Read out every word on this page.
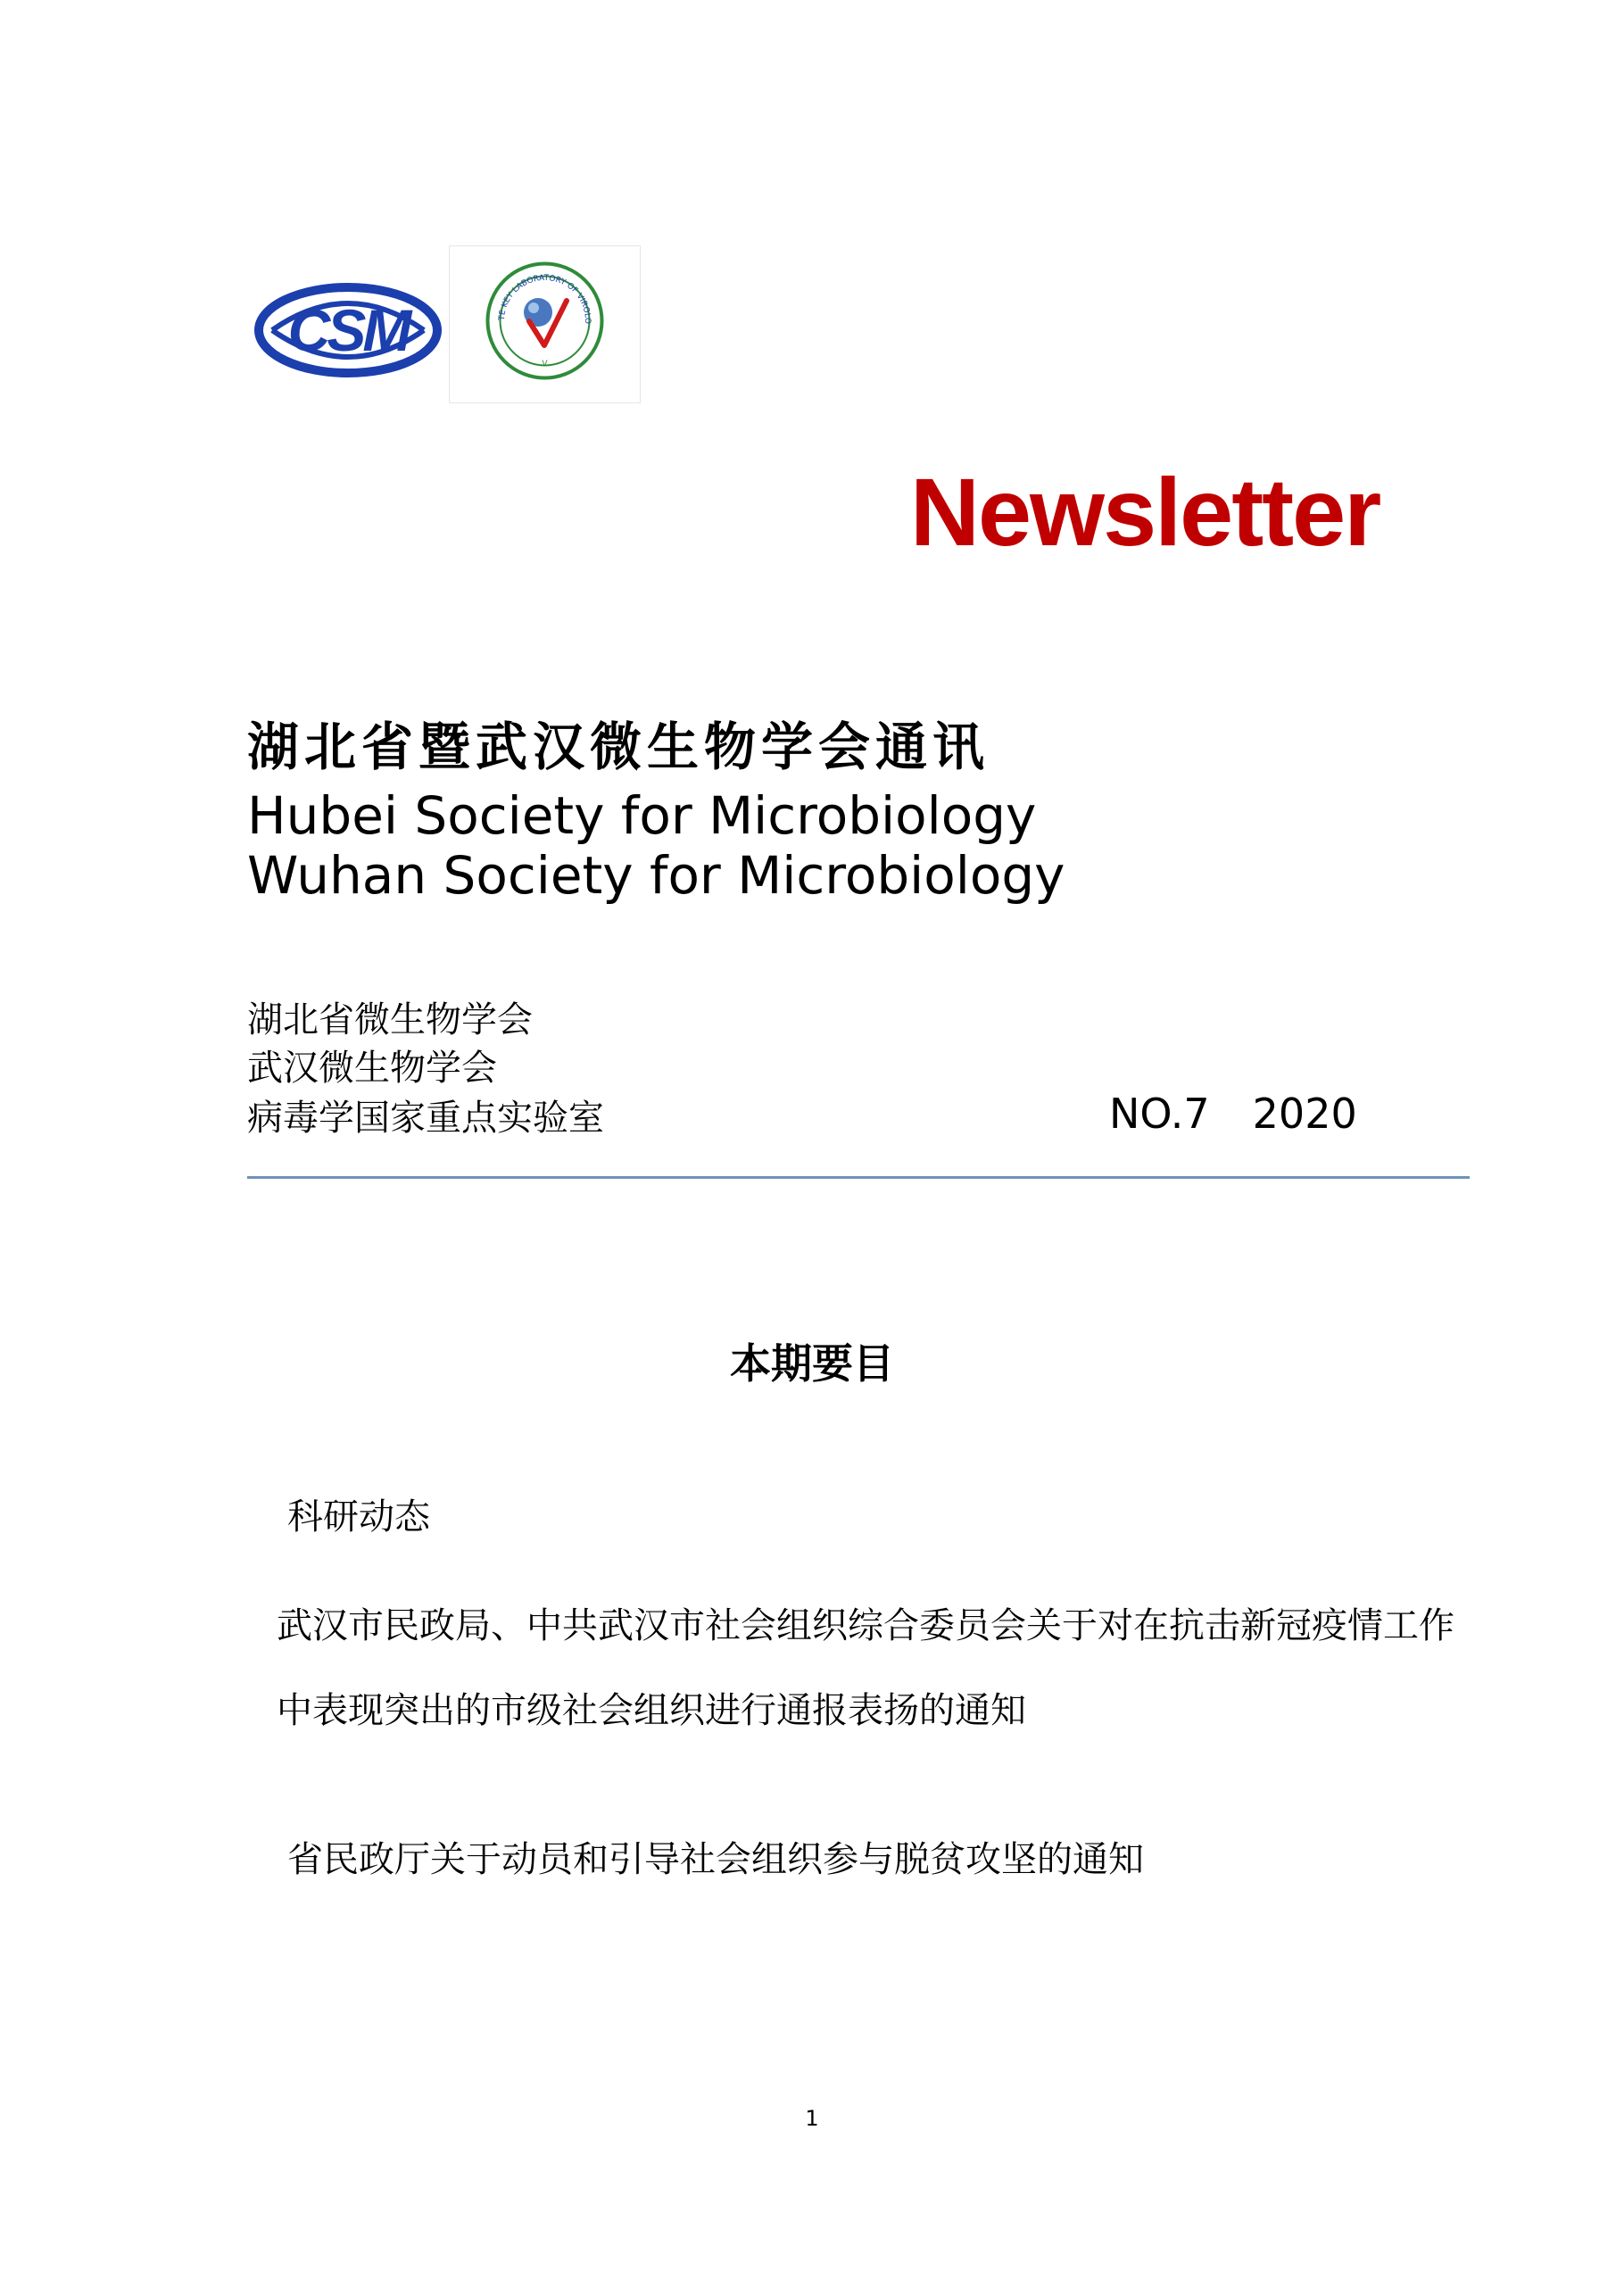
CSM	TE KEY LABORATORY OF VIROLO
V
Newsletter
湖北省暨武汉微生物学会通讯
Hubei Society for Microbiology
Wuhan Society for Microbiology
湖北省微生物学会
武汉微生物学会
病毒学国家重点实验室	NO.7 2020
本期要目
科研动态
武汉市民政局、中共武汉市社会组织综合委员会关于对在抗击新冠疫情工作中表现突出的市级社会组织进行通报表扬的通知
省民政厅关于动员和引导社会组织参与脱贫攻坚的通知
1
